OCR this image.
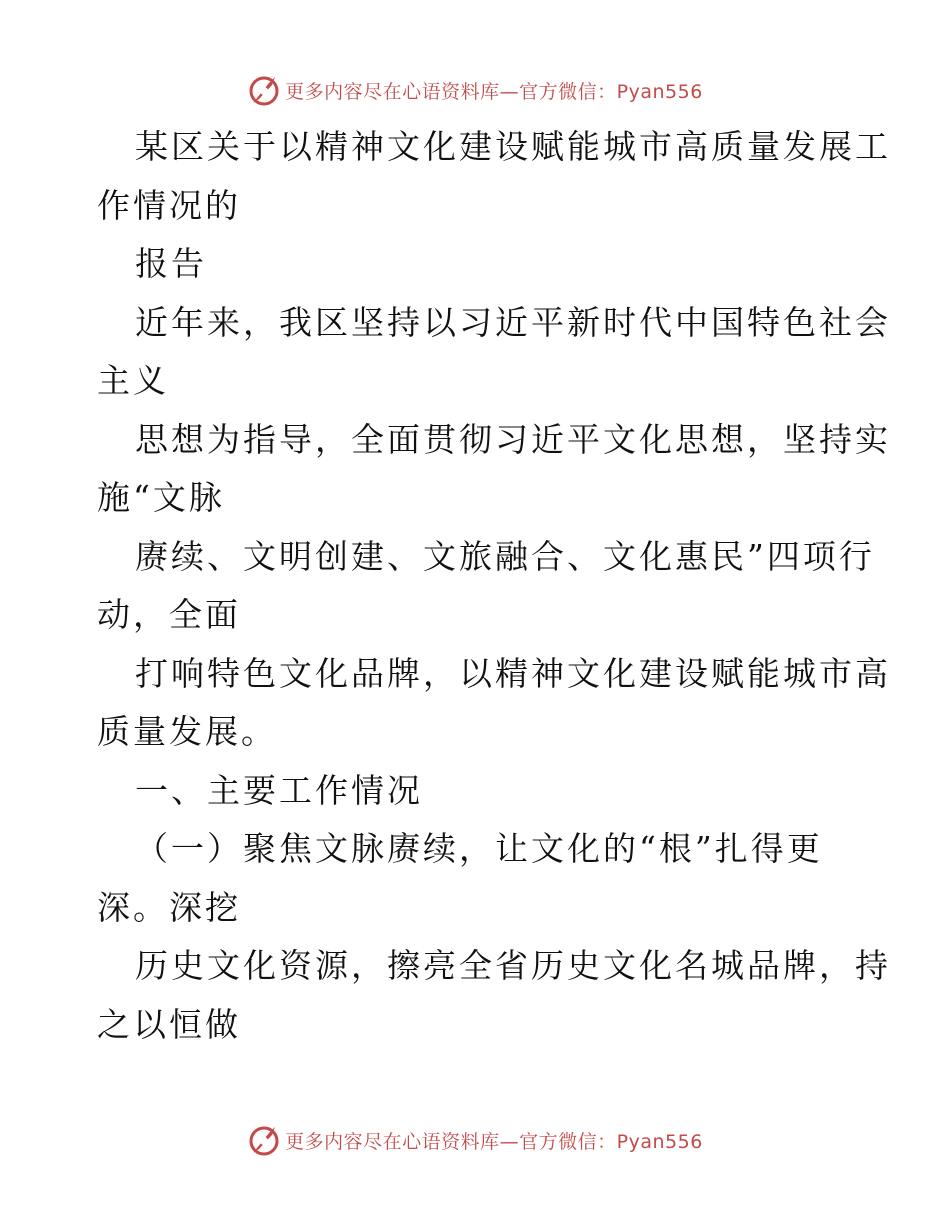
更多内容尽在心语资料库—官方微信：Pyan556
某区关于以精神文化建设赋能城市高质量发展工
作情况的
报告
近年来，我区坚持以习近平新时代中国特色社会
主义
思想为指导，全面贯彻习近平文化思想，坚持实
施“文脉
赓续、文明创建、文旅融合、文化惠民”四项行
动，全面
打响特色文化品牌，以精神文化建设赋能城市高
质量发展。
一、主要工作情况
（一）聚焦文脉赓续，让文化的“根”扎得更
深。深挖
历史文化资源，擦亮全省历史文化名城品牌，持
之以恒做
更多内容尽在心语资料库—官方微信：Pyan556
